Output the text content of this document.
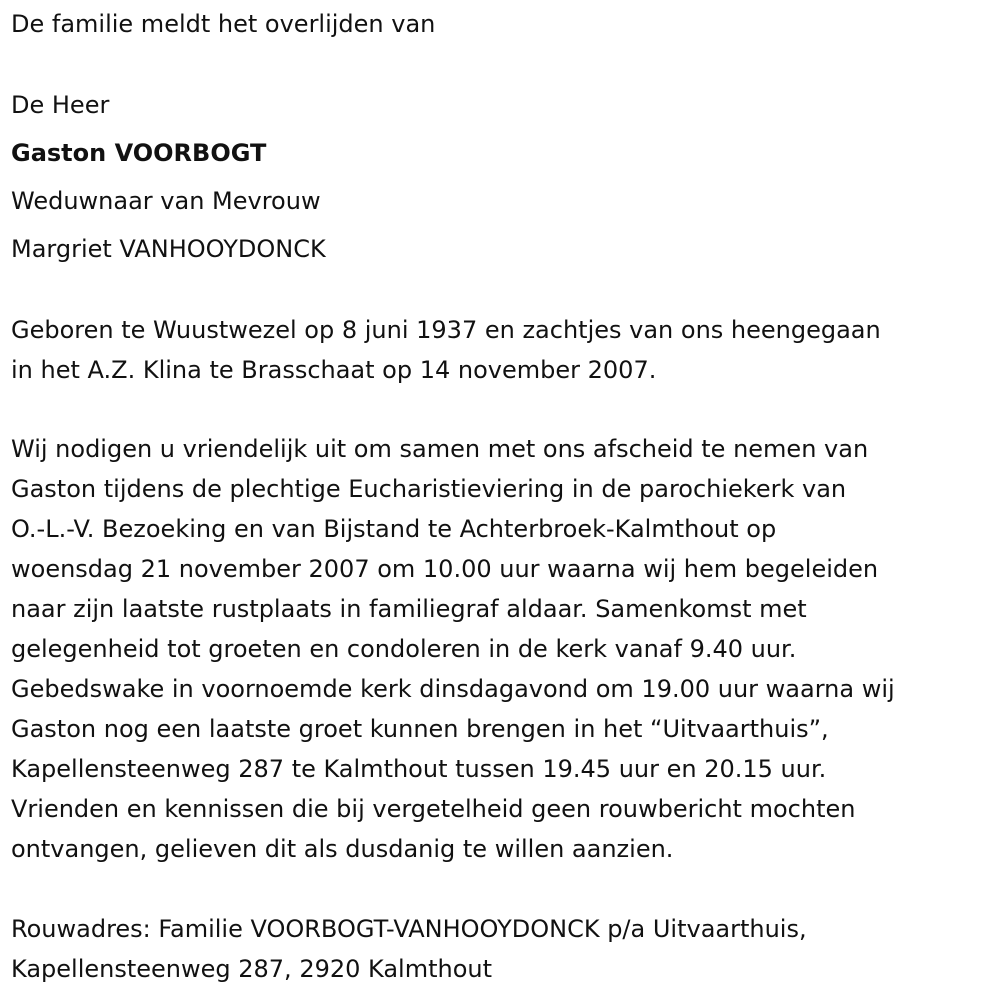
De familie meldt het overlijden van
De Heer
Gaston VOORBOGT
Weduwnaar van Mevrouw
Margriet VANHOOYDONCK
Geboren te Wuustwezel op 8 juni 1937 en zachtjes van ons heengegaan
in het A.Z. Klina te Brasschaat op 14 november 2007.
Wij nodigen u vriendelijk uit om samen met ons afscheid te nemen van
Gaston tijdens de plechtige Eucharistieviering in de parochiekerk van
O.-L.-V. Bezoeking en van Bijstand te Achterbroek-Kalmthout op
woensdag 21 november 2007 om 10.00 uur waarna wij hem begeleiden
naar zijn laatste rustplaats in familiegraf aldaar. Samenkomst met
gelegenheid tot groeten en condoleren in de kerk vanaf 9.40 uur.
Gebedswake in voornoemde kerk dinsdagavond om 19.00 uur waarna wij
Gaston nog een laatste groet kunnen brengen in het “Uitvaarthuis”,
Kapellensteenweg 287 te Kalmthout tussen 19.45 uur en 20.15 uur.
Vrienden en kennissen die bij vergetelheid geen rouwbericht mochten
ontvangen, gelieven dit als dusdanig te willen aanzien.
Rouwadres: Familie VOORBOGT-VANHOOYDONCK p/a Uitvaarthuis,
Kapellensteenweg 287, 2920 Kalmthout
